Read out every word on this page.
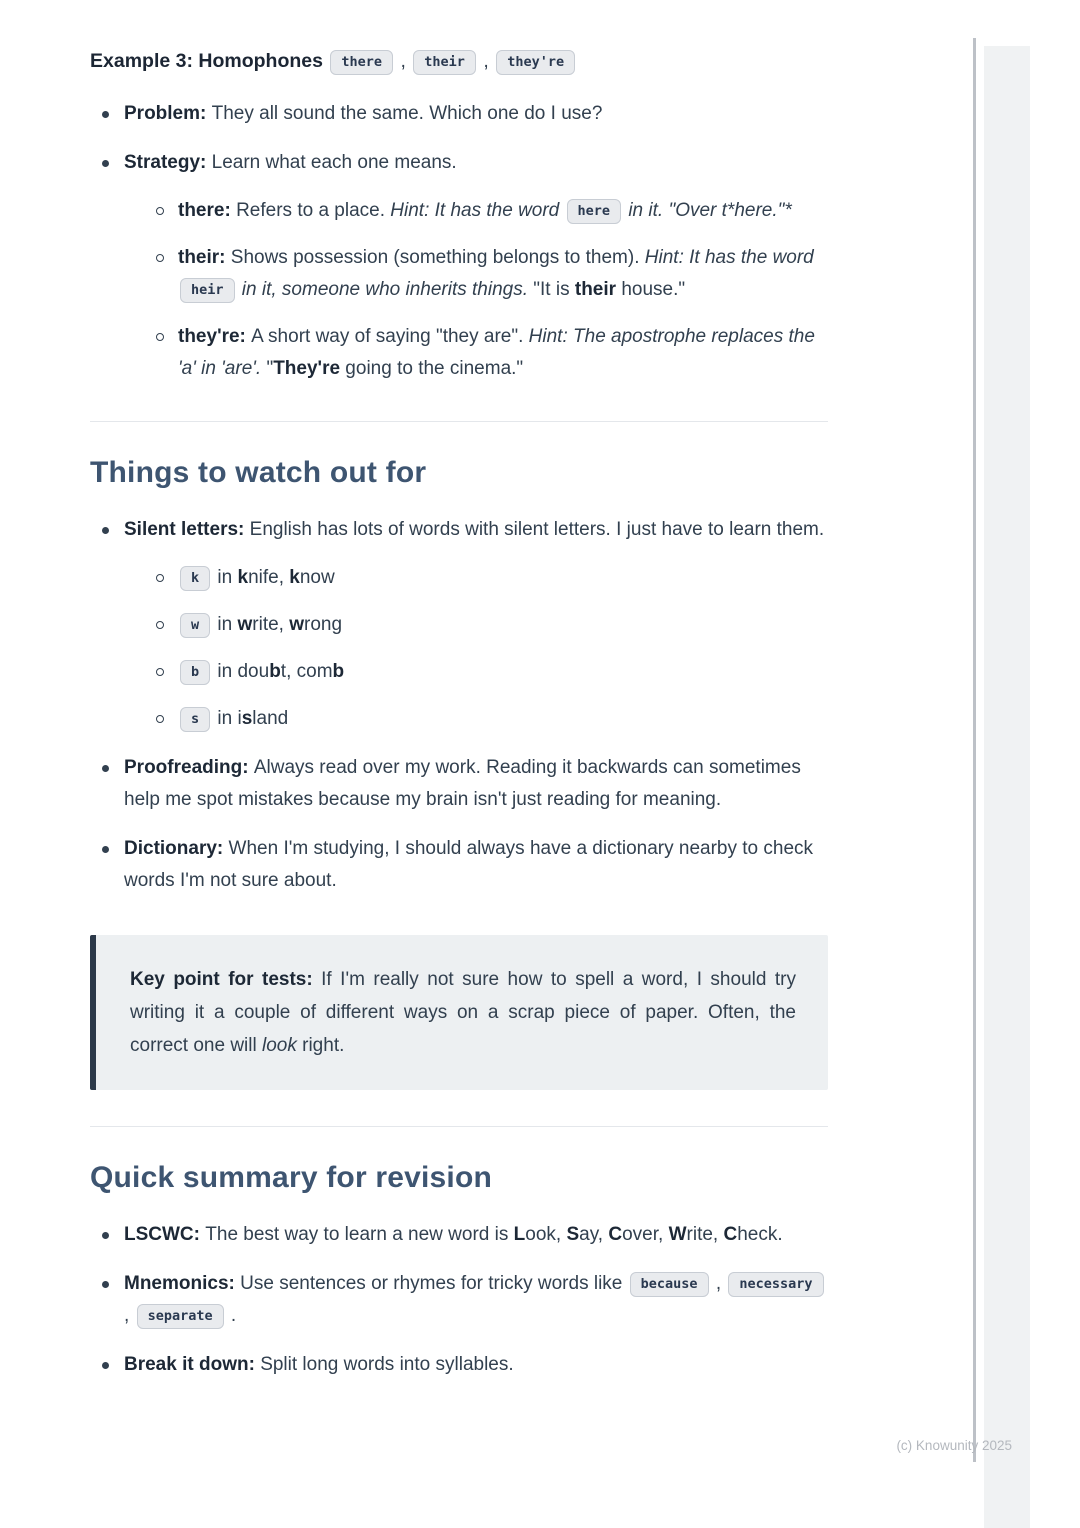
Example 3: Homophones there , their , they're
Problem: They all sound the same. Which one do I use?
Strategy: Learn what each one means.
there: Refers to a place. Hint: It has the word here in it. "Over t*here."*
their: Shows possession (something belongs to them). Hint: It has the word heir in it, someone who inherits things. "It is their house."
they're: A short way of saying "they are". Hint: The apostrophe replaces the 'a' in 'are'. "They're going to the cinema."
Things to watch out for
Silent letters: English has lots of words with silent letters. I just have to learn them.
k in knife, know
w in write, wrong
b in doubt, comb
s in island
Proofreading: Always read over my work. Reading it backwards can sometimes help me spot mistakes because my brain isn't just reading for meaning.
Dictionary: When I'm studying, I should always have a dictionary nearby to check words I'm not sure about.
Key point for tests: If I'm really not sure how to spell a word, I should try writing it a couple of different ways on a scrap piece of paper. Often, the correct one will look right.
Quick summary for revision
LSCWC: The best way to learn a new word is Look, Say, Cover, Write, Check.
Mnemonics: Use sentences or rhymes for tricky words like because , necessary , separate .
Break it down: Split long words into syllables.
(c) Knowunity 2025
